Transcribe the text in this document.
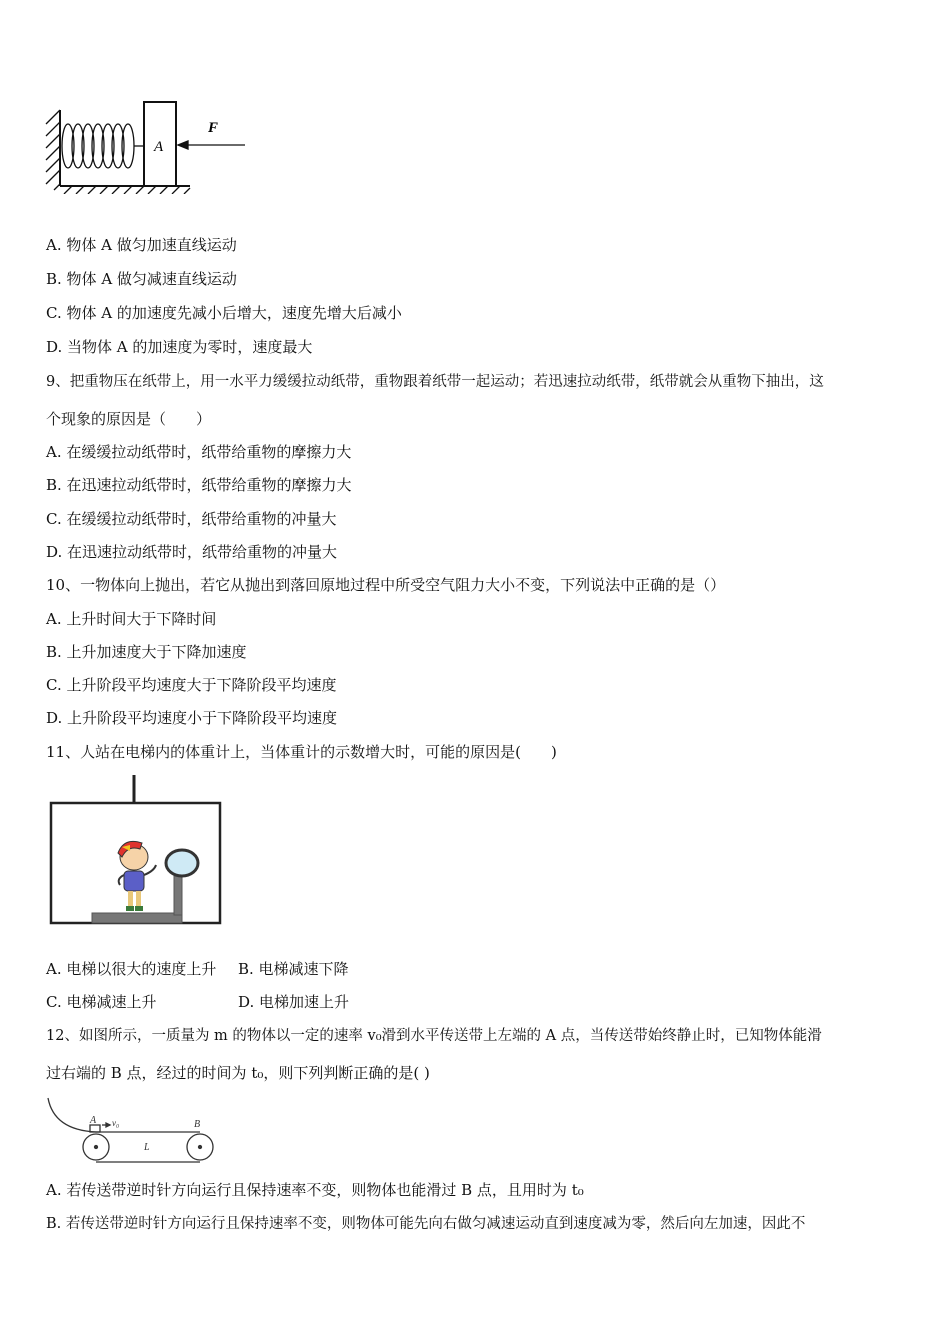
A
F
A. 物体 A 做匀加速直线运动
B. 物体 A 做匀减速直线运动
C. 物体 A 的加速度先减小后增大，速度先增大后减小
D. 当物体 A 的加速度为零时，速度最大
9、把重物压在纸带上，用一水平力缓缓拉动纸带，重物跟着纸带一起运动；若迅速拉动纸带，纸带就会从重物下抽出，这
个现象的原因是（　　）
A. 在缓缓拉动纸带时，纸带给重物的摩擦力大
B. 在迅速拉动纸带时，纸带给重物的摩擦力大
C. 在缓缓拉动纸带时，纸带给重物的冲量大
D. 在迅速拉动纸带时，纸带给重物的冲量大
10、一物体向上抛出，若它从抛出到落回原地过程中所受空气阻力大小不变，下列说法中正确的是（）
A. 上升时间大于下降时间
B. 上升加速度大于下降加速度
C. 上升阶段平均速度大于下降阶段平均速度
D. 上升阶段平均速度小于下降阶段平均速度
11、人站在电梯内的体重计上，当体重计的示数增大时，可能的原因是(　　)
A. 电梯以很大的速度上升 B. 电梯减速下降
C. 电梯减速上升	D. 电梯加速上升
12、如图所示，一质量为 m 的物体以一定的速率 v₀滑到水平传送带上左端的 A 点，当传送带始终静止时，已知物体能滑
过右端的 B 点，经过的时间为 t₀，则下列判断正确的是( )
A v₀	B
L
A. 若传送带逆时针方向运行且保持速率不变，则物体也能滑过 B 点，且用时为 t₀
B. 若传送带逆时针方向运行且保持速率不变，则物体可能先向右做匀减速运动直到速度减为零，然后向左加速，因此不
